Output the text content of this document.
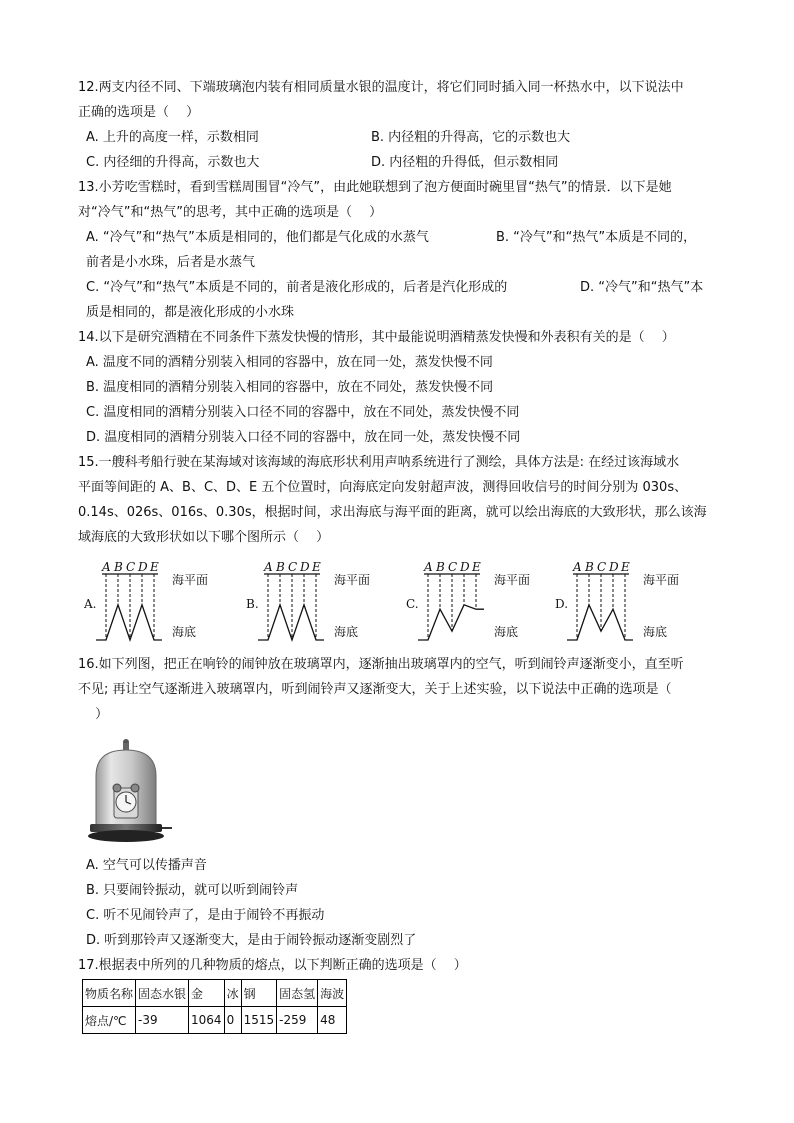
12.两支内径不同、下端玻璃泡内装有相同质量水银的温度计，将它们同时插入同一杯热水中，以下说法中
正确的选项是（　 ）
A. 上升的高度一样，示数相同	B. 内径粗的升得高，它的示数也大
C. 内径细的升得高，示数也大	D. 内径粗的升得低，但示数相同
13.小芳吃雪糕时，看到雪糕周围冒“冷气”，由此她联想到了泡方便面时碗里冒“热气”的情景．以下是她
对“冷气”和“热气”的思考，其中正确的选项是（　 ）
A. “冷气”和“热气”本质是相同的，他们都是气化成的水蒸气	B. “冷气”和“热气”本质是不同的，
前者是小水珠，后者是水蒸气
C. “冷气”和“热气”本质是不同的，前者是液化形成的，后者是汽化形成的	D. “冷气”和“热气”本
质是相同的，都是液化形成的小水珠
14.以下是研究酒精在不同条件下蒸发快慢的情形，其中最能说明酒精蒸发快慢和外表积有关的是（　 ）
A. 温度不同的酒精分别装入相同的容器中，放在同一处，蒸发快慢不同
B. 温度相同的酒精分别装入相同的容器中，放在不同处，蒸发快慢不同
C. 温度相同的酒精分别装入口径不同的容器中，放在不同处，蒸发快慢不同
D. 温度相同的酒精分别装入口径不同的容器中，放在同一处，蒸发快慢不同
15.一艘科考船行驶在某海域对该海域的海底形状利用声呐系统进行了测绘，具体方法是: 在经过该海域水
平面等间距的 A、B、C、D、E 五个位置时，向海底定向发射超声波，测得回收信号的时间分别为 030s、
0.14s、026s、016s、0.30s，根据时间，求出海底与海平面的距离，就可以绘出海底的大致形状，那么该海
域海底的大致形状如以下哪个图所示（　 ）
A.
A B C D E
海平面
海底
B.
A B C D E
海平面
海底
C.
A B C D E
海平面
海底
D.
A B C D E
海平面
海底
16.如下列图，把正在响铃的闹钟放在玻璃罩内，逐渐抽出玻璃罩内的空气，听到闹铃声逐渐变小，直至听
不见; 再让空气逐渐进入玻璃罩内，听到闹铃声又逐渐变大，关于上述实验，以下说法中正确的选项是（
　 ）
A. 空气可以传播声音
B. 只要闹铃振动，就可以听到闹铃声
C. 听不见闹铃声了，是由于闹铃不再振动
D. 听到那铃声又逐渐变大，是由于闹铃振动逐渐变剧烈了
17.根据表中所列的几种物质的熔点，以下判断正确的选项是（　 ）
物质名称	固态水银	金	冰	钢	固态氢	海波
熔点/℃	-39	1064	0	1515	-259	48
